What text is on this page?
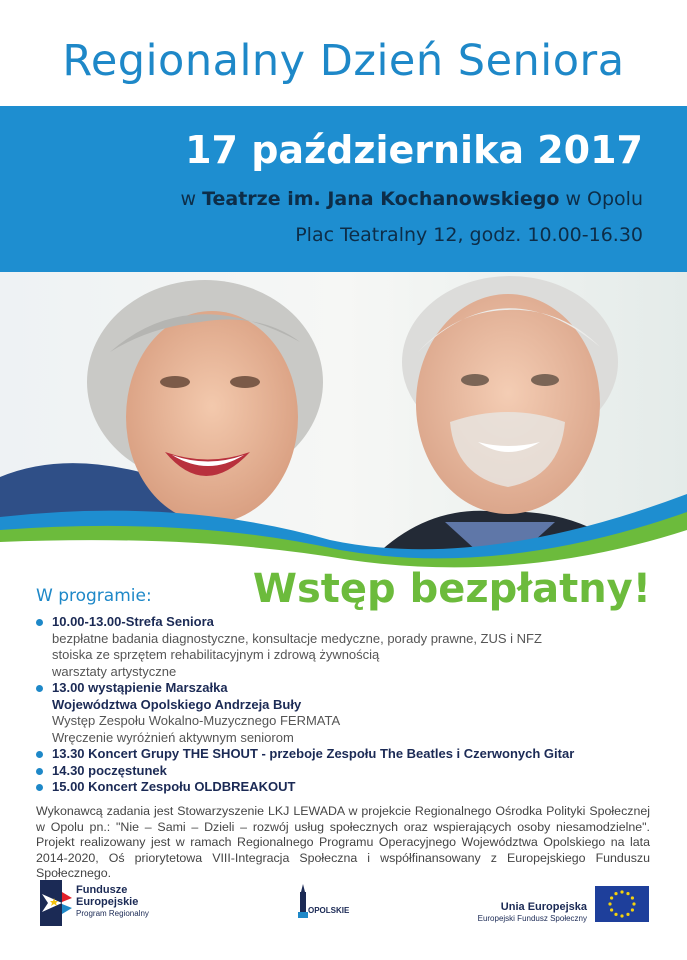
Regionalny Dzień Seniora
17 października 2017
w Teatrze im. Jana Kochanowskiego w Opolu
Plac Teatralny 12, godz. 10.00-16.30
Wstęp bezpłatny!
W programie:
10.00-13.00-Strefa Seniora
bezpłatne badania diagnostyczne, konsultacje medyczne, porady prawne, ZUS i NFZ
stoiska ze sprzętem rehabilitacyjnym i zdrową żywnością
warsztaty artystyczne
13.00 wystąpienie Marszałka
Województwa Opolskiego Andrzeja Buły
Występ Zespołu Wokalno-Muzycznego FERMATA
Wręczenie wyróżnień aktywnym seniorom
13.30 Koncert Grupy THE SHOUT - przeboje Zespołu The Beatles i Czerwonych Gitar
14.30 poczęstunek
15.00 Koncert Zespołu OLDBREAKOUT
Wykonawcą zadania jest Stowarzyszenie LKJ LEWADA w projekcie Regionalnego Ośrodka Polityki Społecznej w Opolu pn.: "Nie – Sami – Dzieli – rozwój usług społecznych oraz wspierających osoby niesamodzielne". Projekt realizowany jest w ramach Regionalnego Programu Operacyjnego Województwa Opolskiego na lata 2014-2020, Oś priorytetowa VIII-Integracja Społeczna i współfinansowany z Europejskiego Funduszu Społecznego.
Fundusze
Europejskie
Program Regionalny	OPOLSKIE	Unia Europejska
Europejski Fundusz Społeczny
